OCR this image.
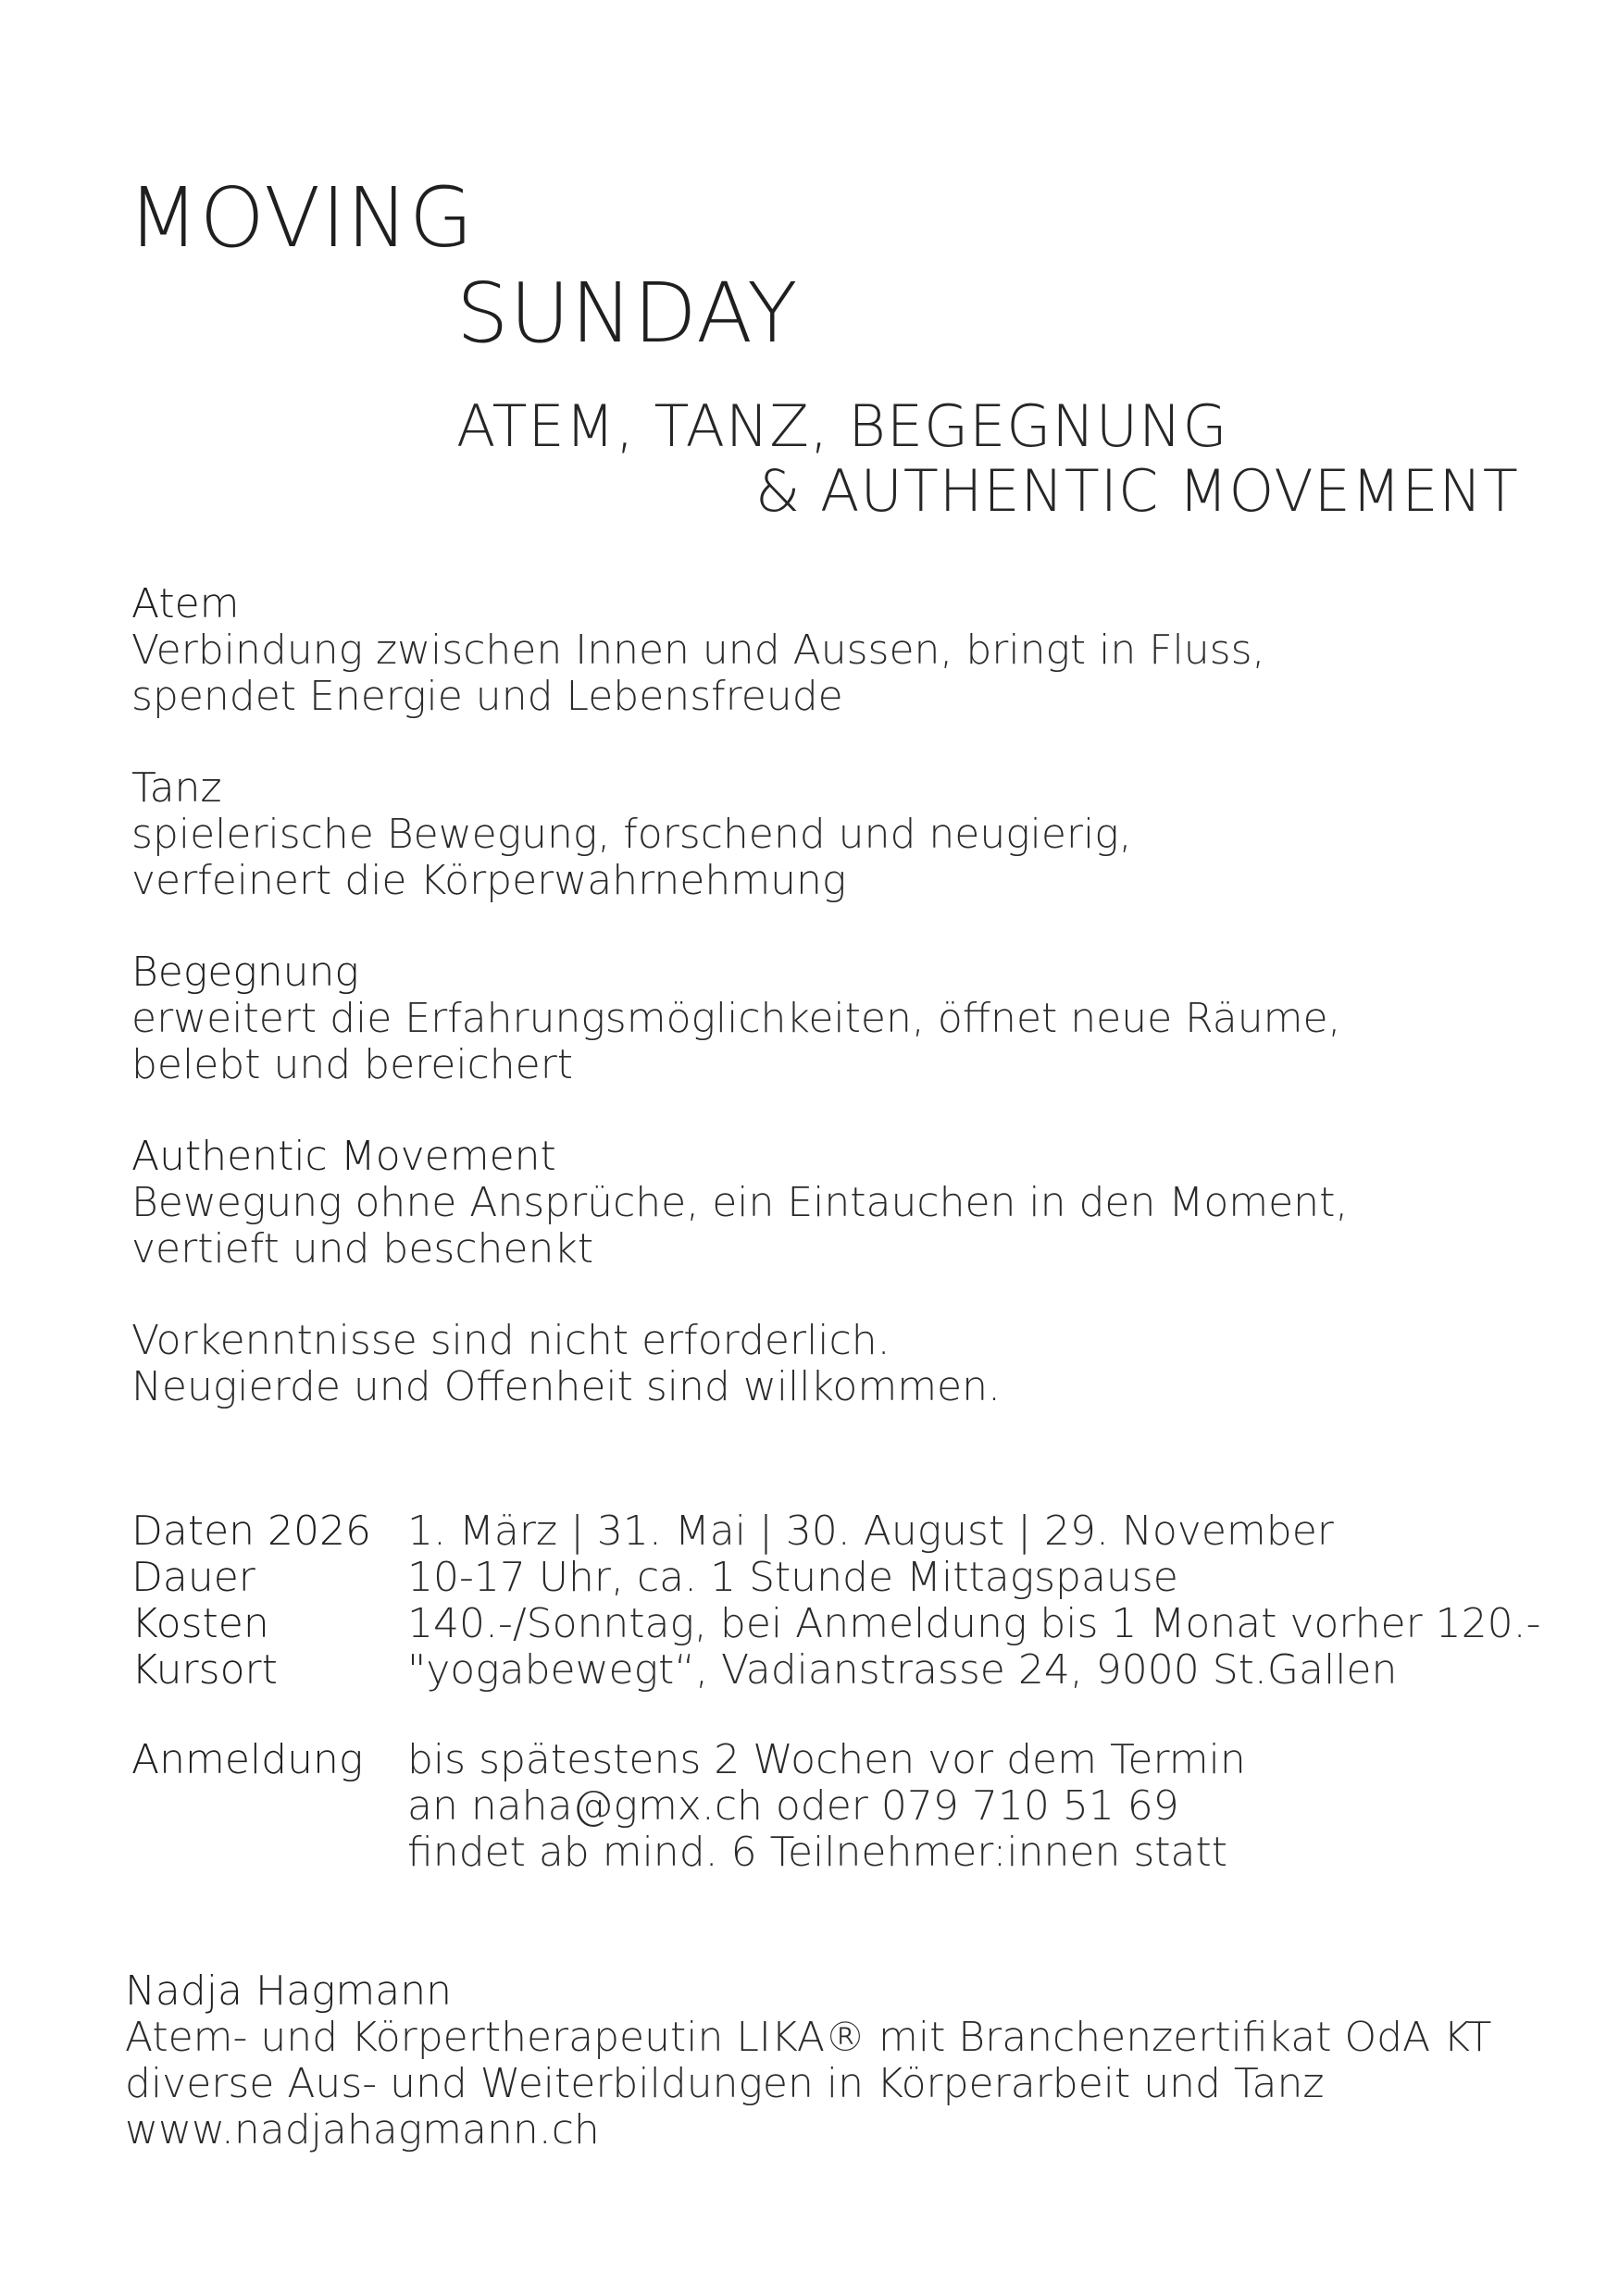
MOVING
SUNDAY
ATEM, TANZ, BEGEGNUNG
& AUTHENTIC MOVEMENT
Atem
Verbindung zwischen Innen und Aussen, bringt in Fluss,
spendet Energie und Lebensfreude
Tanz
spielerische Bewegung, forschend und neugierig,
verfeinert die Körperwahrnehmung
Begegnung
erweitert die Erfahrungsmöglichkeiten, öffnet neue Räume,
belebt und bereichert
Authentic Movement
Bewegung ohne Ansprüche, ein Eintauchen in den Moment,
vertieft und beschenkt
Vorkenntnisse sind nicht erforderlich.
Neugierde und Offenheit sind willkommen.
Daten 2026 1. März | 31. Mai | 30. August | 29. November
Dauer	10-17 Uhr, ca. 1 Stunde Mittagspause
Kosten	140.-/Sonntag, bei Anmeldung bis 1 Monat vorher 120.-
Kursort	"yogabewegt“, Vadianstrasse 24, 9000 St.Gallen
Anmeldung bis spätestens 2 Wochen vor dem Termin
an naha@gmx.ch oder 079 710 51 69
findet ab mind. 6 Teilnehmer:innen statt
Nadja Hagmann
Atem- und Körpertherapeutin LIKA® mit Branchenzertifikat OdA KT
diverse Aus- und Weiterbildungen in Körperarbeit und Tanz
www.nadjahagmann.ch
